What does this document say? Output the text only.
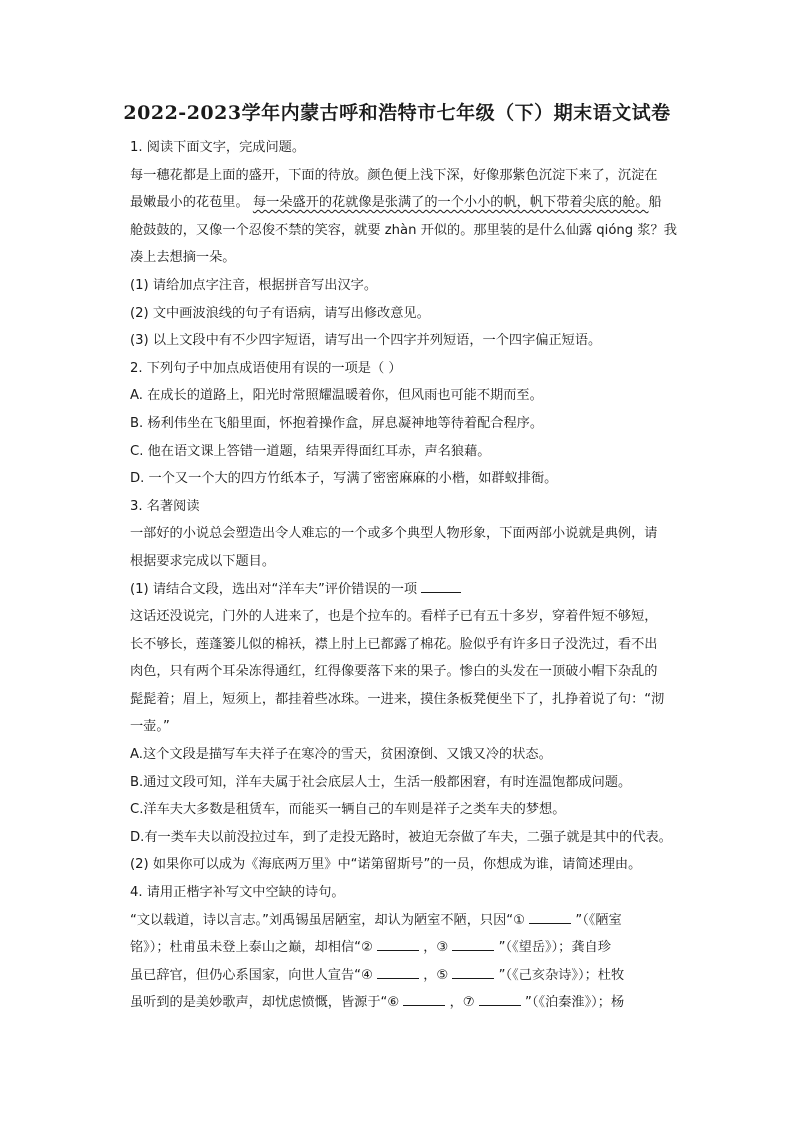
2022-2023学年内蒙古呼和浩特市七年级（下）期末语文试卷
1. 阅读下面文字，完成问题。
每一穗花都是上面的盛开，下面的待放。颜色便上浅下深，好像那紫色沉淀下来了，沉淀在
最嫩最小的花苞里。 每一朵盛开的花就像是张满了的一个小小的帆，帆下带着尖底的舱。船
舱鼓鼓的，又像一个忍俊不禁的笑容，就要 zhàn 开似的。那里装的是什么仙露 qióng 浆？我
凑上去想摘一朵。
(1) 请给加点字注音，根据拼音写出汉字。
(2) 文中画波浪线的句子有语病，请写出修改意见。
(3) 以上文段中有不少四字短语，请写出一个四字并列短语，一个四字偏正短语。
2. 下列句子中加点成语使用有误的一项是（ ）
A. 在成长的道路上，阳光时常照耀温暖着你，但风雨也可能不期而至。
B. 杨利伟坐在飞船里面，怀抱着操作盒，屏息凝神地等待着配合程序。
C. 他在语文课上答错一道题，结果弄得面红耳赤，声名狼藉。
D. 一个又一个大的四方竹纸本子，写满了密密麻麻的小楷，如群蚁排衙。
3. 名著阅读
一部好的小说总会塑造出令人难忘的一个或多个典型人物形象，下面两部小说就是典例，请
根据要求完成以下题目。
(1) 请结合文段，选出对“洋车夫”评价错误的一项
这话还没说完，门外的人进来了，也是个拉车的。看样子已有五十多岁，穿着件短不够短，
长不够长，莲蓬篓儿似的棉袄，襟上肘上已都露了棉花。脸似乎有许多日子没洗过，看不出
肉色，只有两个耳朵冻得通红，红得像要落下来的果子。惨白的头发在一顶破小帽下杂乱的
髭髭着；眉上，短须上，都挂着些冰珠。一进来，摸住条板凳便坐下了，扎挣着说了句：“沏
一壶。”
A.这个文段是描写车夫祥子在寒冷的雪天，贫困潦倒、又饿又冷的状态。
B.通过文段可知，洋车夫属于社会底层人士，生活一般都困窘，有时连温饱都成问题。
C.洋车夫大多数是租赁车，而能买一辆自己的车则是祥子之类车夫的梦想。
D.有一类车夫以前没拉过车，到了走投无路时，被迫无奈做了车夫，二强子就是其中的代表。
(2) 如果你可以成为《海底两万里》中“诺第留斯号”的一员，你想成为谁，请简述理由。
4. 请用正楷字补写文中空缺的诗句。
“文以载道，诗以言志。”刘禹锡虽居陋室，却认为陋室不陋，只因“①	”（《陋室
铭》）；杜甫虽未登上泰山之巅，却相信“②	，③	”（《望岳》）；龚自珍
虽已辞官，但仍心系国家，向世人宣告“④	，⑤	”（《己亥杂诗》）；杜牧
虽听到的是美妙歌声，却忧虑愤慨，皆源于“⑥	，⑦	”（《泊秦淮》）；杨
